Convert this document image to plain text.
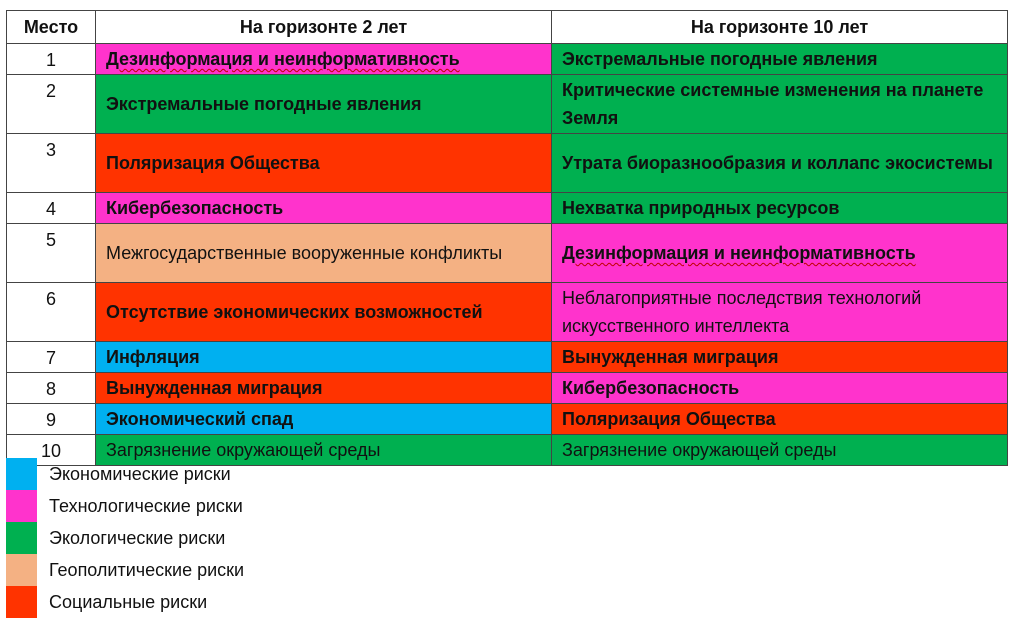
Место	На горизонте 2 лет	На горизонте 10 лет
1	Дезинформация и неинформативность	Экстремальные погодные явления
2	Экстремальные погодные явления	Критические системные изменения на планете Земля
3	Поляризация Общества	Утрата биоразнообразия и коллапс экосистемы
4	Кибербезопасность	Нехватка природных ресурсов
5	Межгосударственные вооруженные конфликты	Дезинформация и неинформативность
6	Отсутствие экономических возможностей	Неблагоприятные последствия технологий искусственного интеллекта
7	Инфляция	Вынужденная миграция
8	Вынужденная миграция	Кибербезопасность
9	Экономический спад	Поляризация Общества
10	Загрязнение окружающей среды	Загрязнение окружающей среды
Экономические риски
Технологические риски
Экологические риски
Геополитические риски
Социальные риски
